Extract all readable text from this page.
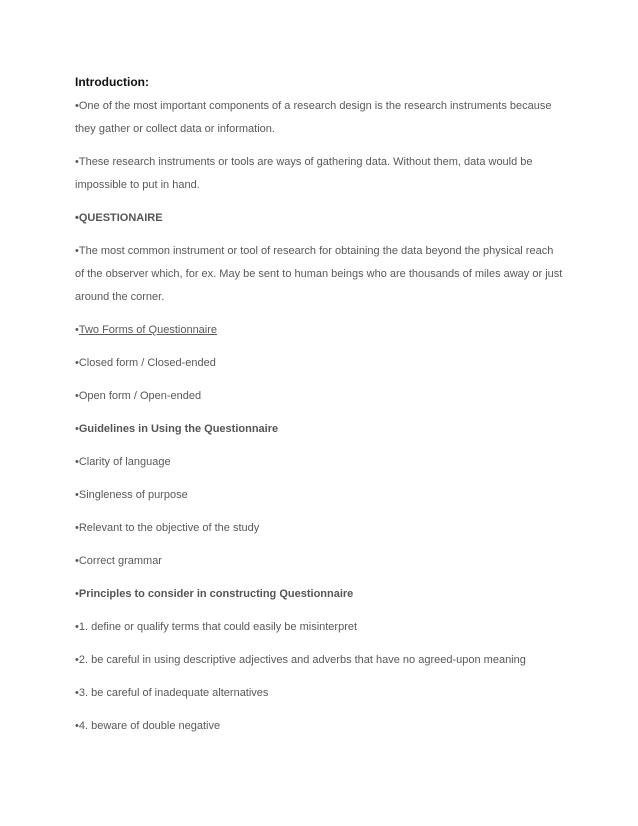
Introduction:
•One of the most important components of a research design is the research instruments because they gather or collect data or information.
•These research instruments or tools are ways of gathering data. Without them, data would be impossible to put in hand.
•QUESTIONAIRE
•The most common instrument or tool of research for obtaining the data beyond the physical reach of the observer which, for ex. May be sent to human beings who are thousands of miles away or just around the corner.
•Two Forms of Questionnaire
•Closed form / Closed-ended
•Open form / Open-ended
•Guidelines in Using the Questionnaire
•Clarity of language
•Singleness of purpose
•Relevant to the objective of the study
•Correct grammar
•Principles to consider in constructing Questionnaire
•1. define or qualify terms that could easily be misinterpret
•2. be careful in using descriptive adjectives and adverbs that have no agreed-upon meaning
•3. be careful of inadequate alternatives
•4. beware of double negative
